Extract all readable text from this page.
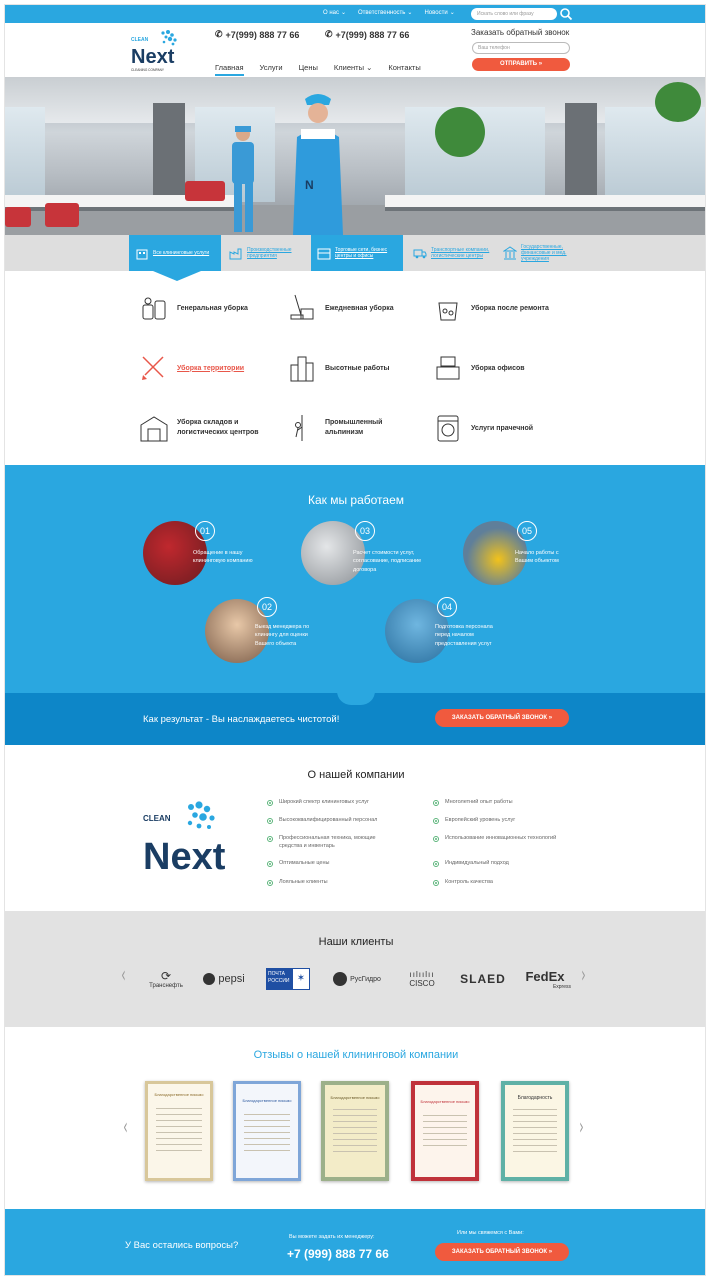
О нас ⌄ Ответственность ⌄ Новости ⌄	Искать слово или фразу
CLEAN
Next
CLEANING COMPANY
✆ +7(999) 888 77 66	✆ +7(999) 888 77 66
Главная Услуги Цены Клиенты ⌄ Контакты
Заказать обратный звонок
Ваш телефон
ОТПРАВИТЬ »
N
Все клининговые услуги	Производственные предприятия
Торговые сети, бизнес центры и офисы
Транспортные компании, логистические центры
Государственные, финансовые и мед. учреждения
Генеральная уборка	Ежедневная уборка	Уборка после ремонта
Уборка территории	Высотные работы	Уборка офисов
Уборка складов и логистических центров
Промышленный альпинизм
Услуги прачечной
Как мы работаем
01
Обращение в нашу клининговую компанию
03
Расчет стоимости услуг, согласование, подписание договора
05
Начало работы с Вашим объектом
02
Выезд менеджера по клинингу для оценки Вашего объекта
04
Подготовка персонала перед началом предоставления услуг
Как результат - Вы наслаждаетесь чистотой!	ЗАКАЗАТЬ ОБРАТНЫЙ ЗВОНОК »
О нашей компании
CLEAN
Next
Широкий спектр клининговых услуг
Высококвалифицированный персонал
Профессиональная техника, моющие средства и инвентарь
Оптимальные цены
Лояльные клиенты
Многолетний опыт работы
Европейский уровень услуг
Использование инновационных технологий
Индивидуальный подход
Контроль качества
Наши клиенты
‹	›
⟳
Транснефть
pepsi	ПОЧТА РОССИИ ✶	РусГидро	ıılıılıı
CISCO SLAED FedEx
Express
Отзывы о нашей клининговой компании
‹	›
Благодарственное письмо
Благодарственное письмо
Благодарственное письмо
Благодарственное письмо
Благодарность
У Вас остались вопросы?
Вы можете задать их менеджеру:
+7 (999) 888 77 66
Или мы свяжемся с Вами:
ЗАКАЗАТЬ ОБРАТНЫЙ ЗВОНОК »
